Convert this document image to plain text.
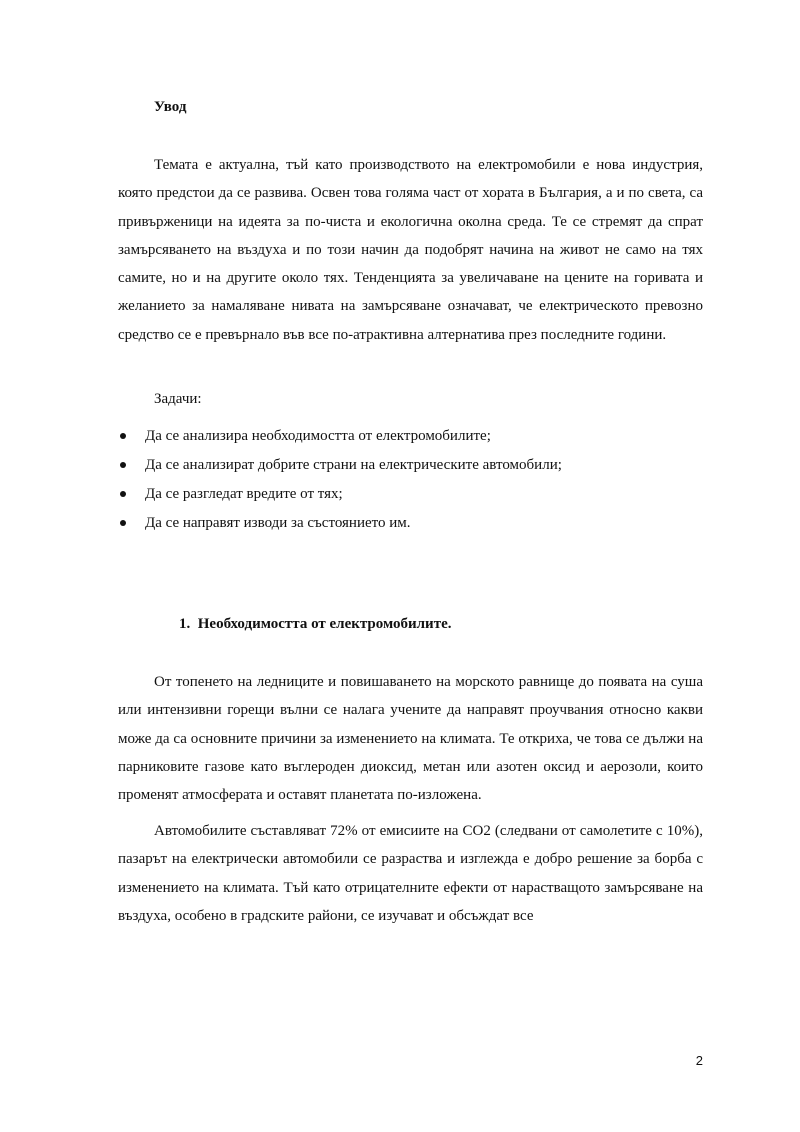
Увод

Темата е актуална, тъй като производството на електромобили е нова индустрия, която предстои да се развива. Освен това голяма част от хората в България, а и по света, са привърженици на идеята за по-чиста и екологична околна среда. Те се стремят да спрат замърсяването на въздуха и по този начин да подобрят начина на живот не само на тях самите, но и на другите около тях. Тенденцията за увеличаване на цените на горивата и желанието за намаляване нивата на замърсяване означават, че електрическото превозно средство се е превърнало във все по-атрактивна алтернатива през последните години.

Задачи:

Да се анализира необходимостта от електромобилите;
Да се анализират добрите страни на електрическите автомобили;
Да се разгледат вредите от тях;
Да се направят изводи за състоянието им.
1.  Необходимостта от електромобилите.

От топенето на ледниците и повишаването на морското равнище до появата на суша или интензивни горещи вълни се налага учените да направят проучвания относно какви може да са основните причини за изменението на климата. Те откриха, че това се дължи на парниковите газове като въглероден диоксид, метан или азотен оксид и аерозоли, които променят атмосферата и оставят планетата по-изложена.

Автомобилите съставляват 72% от емисиите на CO2 (следвани от самолетите с 10%), пазарът на електрически автомобили се разраства и изглежда е добро решение за борба с изменението на климата. Тъй като отрицателните ефекти от нарастващото замърсяване на въздуха, особено в градските райони, се изучават и обсъждат все

2
